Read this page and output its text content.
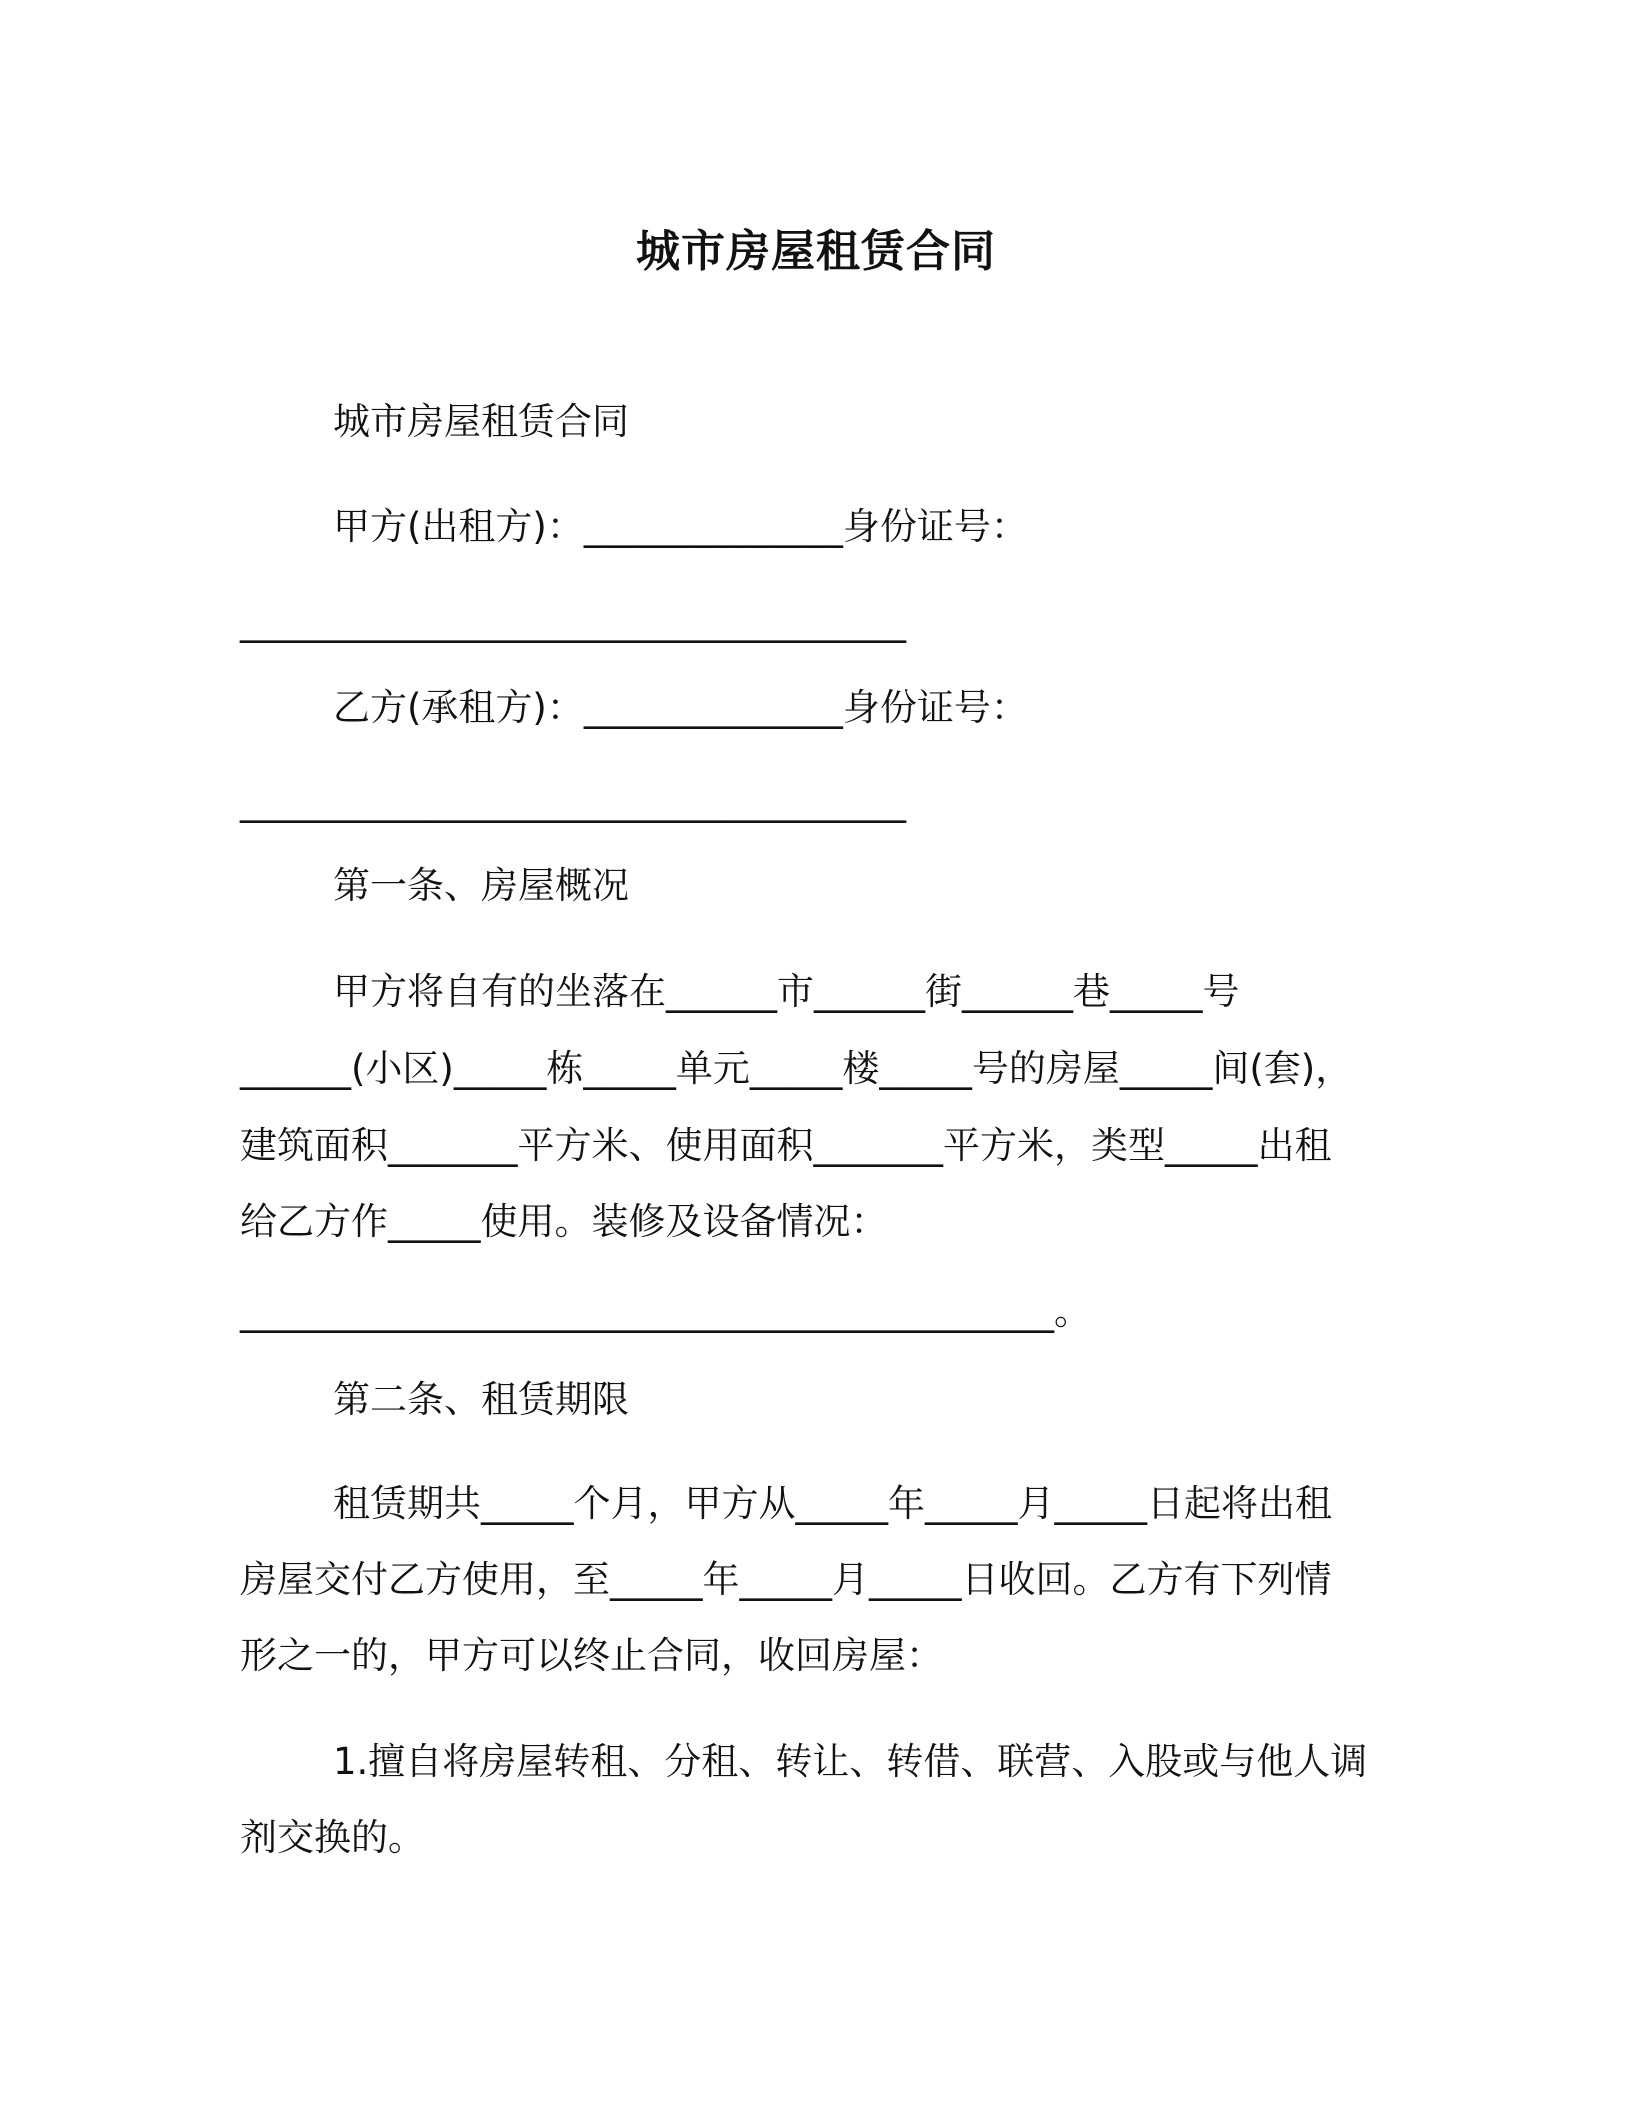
城市房屋租赁合同
城市房屋租赁合同
甲方(出租方)：______________身份证号：
____________________________________
乙方(承租方)：______________身份证号：
____________________________________
第一条、房屋概况
甲方将自有的坐落在______市______街______巷_____号
______(小区)_____栋_____单元_____楼_____号的房屋_____间(套)，
建筑面积_______平方米、使用面积_______平方米，类型_____出租
给乙方作_____使用。装修及设备情况：
____________________________________________。
第二条、租赁期限
租赁期共_____个月，甲方从_____年_____月_____日起将出租
房屋交付乙方使用，至_____年_____月_____日收回。乙方有下列情
形之一的，甲方可以终止合同，收回房屋：
1.擅自将房屋转租、分租、转让、转借、联营、入股或与他人调
剂交换的。
